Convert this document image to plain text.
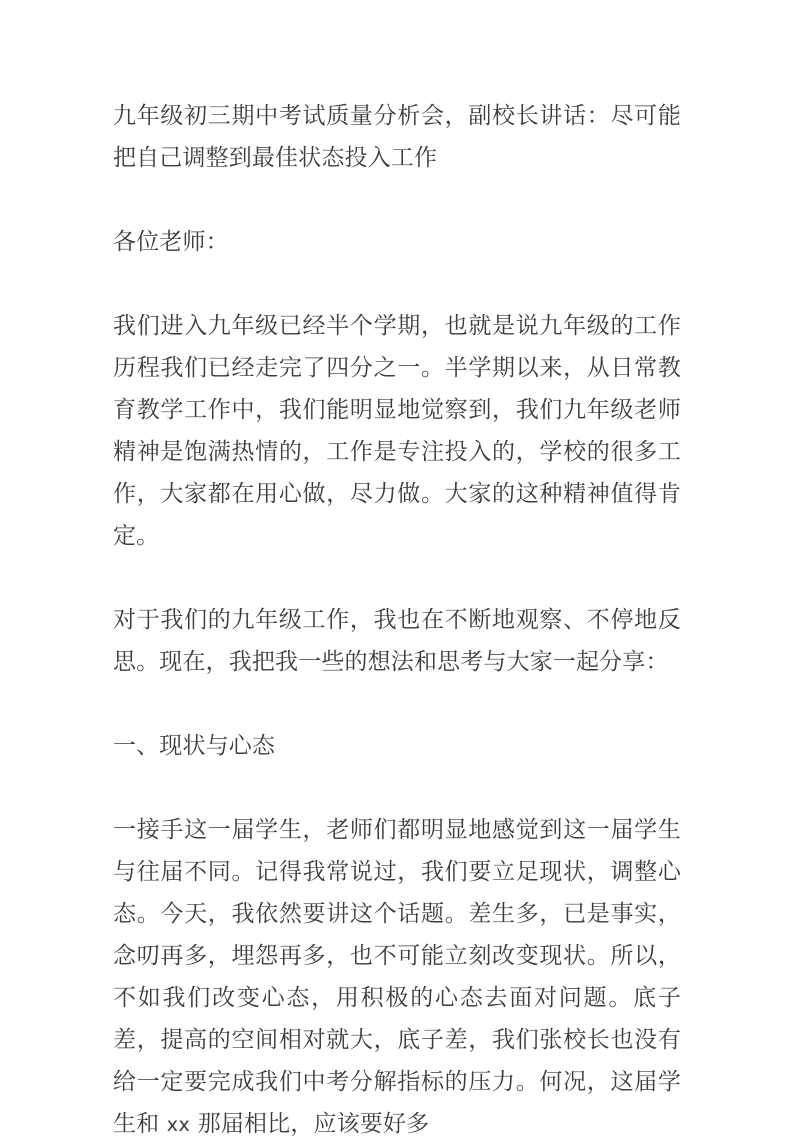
九年级初三期中考试质量分析会，副校长讲话：尽可能把自己调整到最佳状态投入工作

各位老师：

我们进入九年级已经半个学期，也就是说九年级的工作历程我们已经走完了四分之一。半学期以来，从日常教育教学工作中，我们能明显地觉察到，我们九年级老师精神是饱满热情的，工作是专注投入的，学校的很多工作，大家都在用心做，尽力做。大家的这种精神值得肯定。

对于我们的九年级工作，我也在不断地观察、不停地反思。现在，我把我一些的想法和思考与大家一起分享：

一、现状与心态

一接手这一届学生，老师们都明显地感觉到这一届学生与往届不同。记得我常说过，我们要立足现状，调整心态。今天，我依然要讲这个话题。差生多，已是事实，念叨再多，埋怨再多，也不可能立刻改变现状。所以，不如我们改变心态，用积极的心态去面对问题。底子差，提高的空间相对就大，底子差，我们张校长也没有给一定要完成我们中考分解指标的压力。何况，这届学生和 xx 那届相比，应该要好多
